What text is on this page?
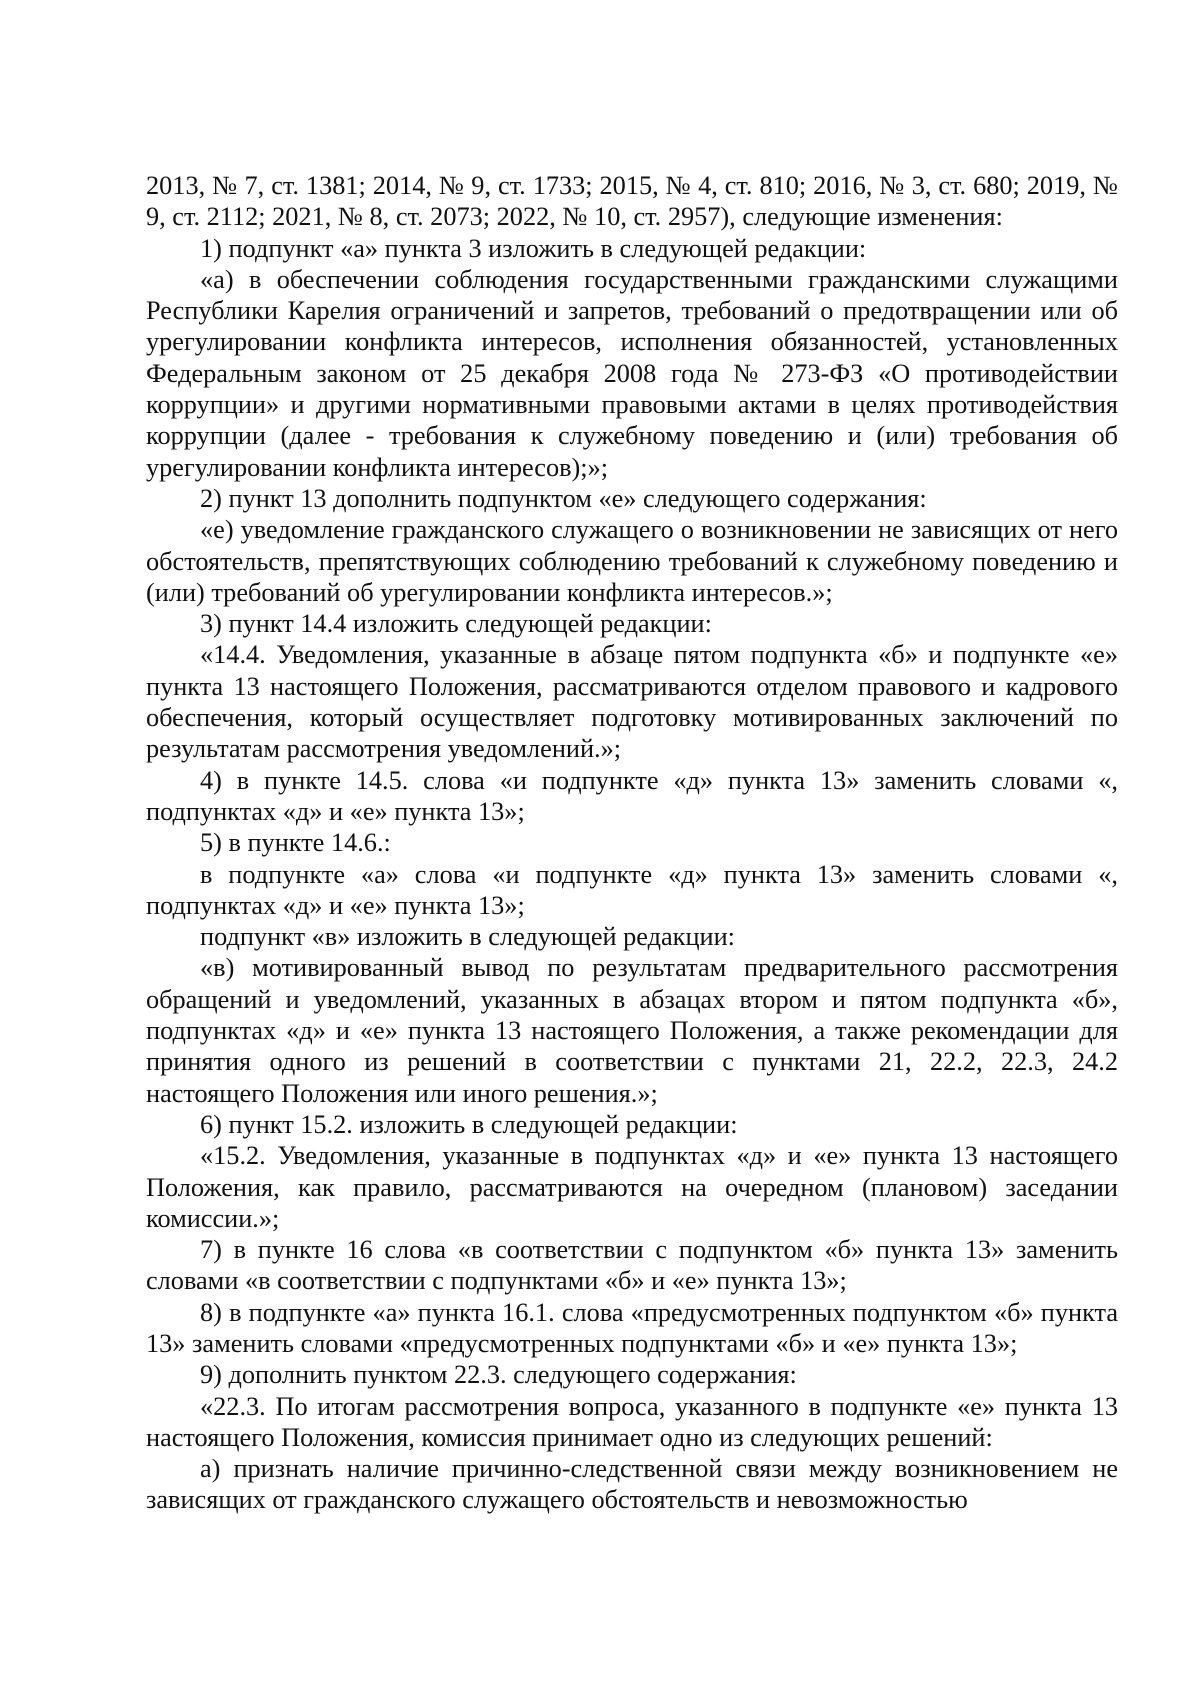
2013, № 7, ст. 1381; 2014, № 9, ст. 1733; 2015, № 4, ст. 810; 2016, № 3, ст. 680; 2019, № 9, ст. 2112; 2021, № 8, ст. 2073; 2022, № 10, ст. 2957), следующие изменения:

1) подпункт «а» пункта 3 изложить в следующей редакции:

«а) в обеспечении соблюдения государственными гражданскими служащими Республики Карелия ограничений и запретов, требований о предотвращении или об урегулировании конфликта интересов, исполнения обязанностей, установленных Федеральным законом от 25 декабря 2008 года № 273-ФЗ «О противодействии коррупции» и другими нормативными правовыми актами в целях противодействия коррупции (далее - требования к служебному поведению и (или) требования об урегулировании конфликта интересов);»;

2) пункт 13 дополнить подпунктом «е» следующего содержания:

«е) уведомление гражданского служащего о возникновении не зависящих от него обстоятельств, препятствующих соблюдению требований к служебному поведению и (или) требований об урегулировании конфликта интересов.»;

3) пункт 14.4 изложить следующей редакции:

«14.4. Уведомления, указанные в абзаце пятом подпункта «б» и подпункте «е» пункта 13 настоящего Положения, рассматриваются отделом правового и кадрового обеспечения, который осуществляет подготовку мотивированных заключений по результатам рассмотрения уведомлений.»;

4) в пункте 14.5. слова «и подпункте «д» пункта 13» заменить словами «, подпунктах «д» и «е» пункта 13»;

5) в пункте 14.6.:

в подпункте «а» слова «и подпункте «д» пункта 13» заменить словами «, подпунктах «д» и «е» пункта 13»;

подпункт «в» изложить в следующей редакции:

«в) мотивированный вывод по результатам предварительного рассмотрения обращений и уведомлений, указанных в абзацах втором и пятом подпункта «б», подпунктах «д» и «е» пункта 13 настоящего Положения, а также рекомендации для принятия одного из решений в соответствии с пунктами 21, 22.2, 22.3, 24.2 настоящего Положения или иного решения.»;

6) пункт 15.2. изложить в следующей редакции:

«15.2. Уведомления, указанные в подпунктах «д» и «е» пункта 13 настоящего Положения, как правило, рассматриваются на очередном (плановом) заседании комиссии.»;

7) в пункте 16 слова «в соответствии с подпунктом «б» пункта 13» заменить словами «в соответствии с подпунктами «б» и «е» пункта 13»;

8) в подпункте «а» пункта 16.1. слова «предусмотренных подпунктом «б» пункта 13» заменить словами «предусмотренных подпунктами «б» и «е» пункта 13»;

9) дополнить пунктом 22.3. следующего содержания:

«22.3. По итогам рассмотрения вопроса, указанного в подпункте «е» пункта 13 настоящего Положения, комиссия принимает одно из следующих решений:

а) признать наличие причинно-следственной связи между возникновением не зависящих от гражданского служащего обстоятельств и невозможностью
